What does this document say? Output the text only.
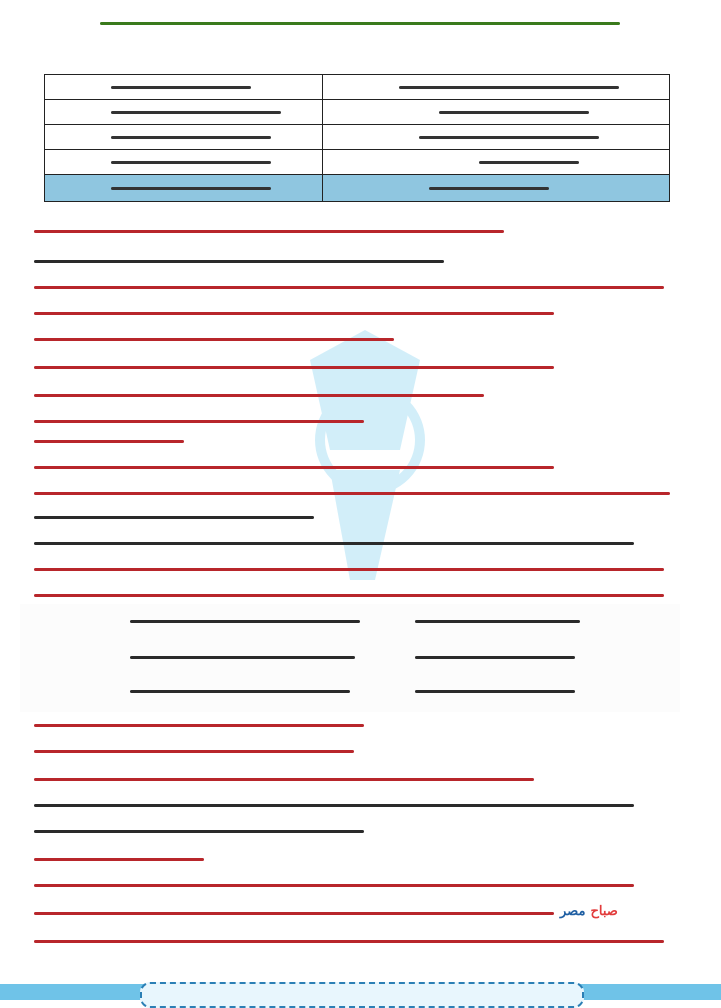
صباح مصر
